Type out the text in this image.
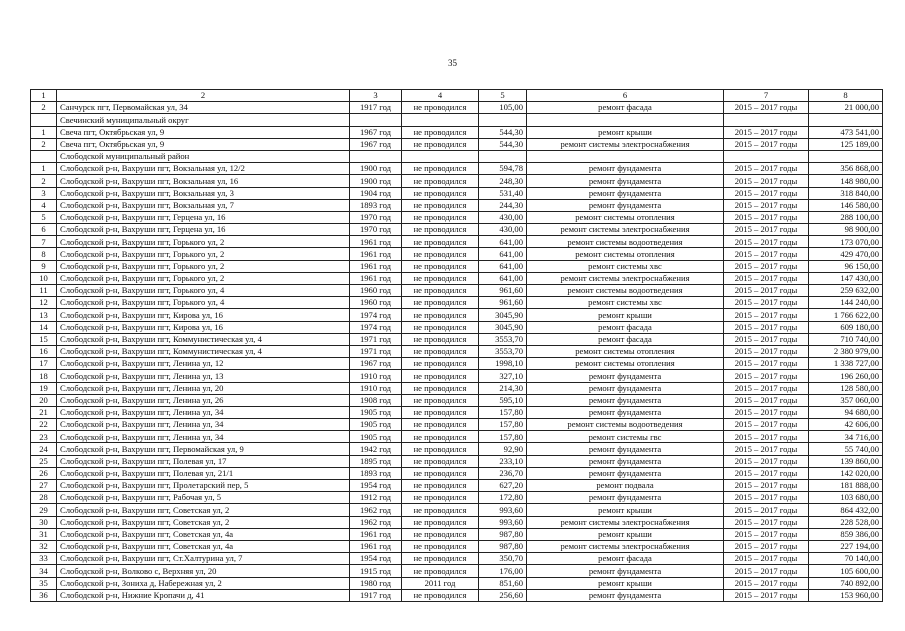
35
1	2	3	4	5	6	7	8
2	Санчурск пгт, Первомайская ул, 34	1917 год	не проводился	105,00	ремонт фасада	2015 – 2017 годы	21 000,00
	Свечинский муниципальный округ						
1	Свеча пгт, Октябрьская ул, 9	1967 год	не проводился	544,30	ремонт крыши	2015 – 2017 годы	473 541,00
2	Свеча пгт, Октябрьская ул, 9	1967 год	не проводился	544,30	ремонт системы электроснабжения	2015 – 2017 годы	125 189,00
	Слободской муниципальный район						
1	Слободской р-н, Вахруши пгт, Вокзальная ул, 12/2	1900 год	не проводился	594,78	ремонт фундамента	2015 – 2017 годы	356 868,00
2	Слободской р-н, Вахруши пгт, Вокзальная ул, 16	1900 год	не проводился	248,30	ремонт фундамента	2015 – 2017 годы	148 980,00
3	Слободской р-н, Вахруши пгт, Вокзальная ул, 3	1904 год	не проводился	531,40	ремонт фундамента	2015 – 2017 годы	318 840,00
4	Слободской р-н, Вахруши пгт, Вокзальная ул, 7	1893 год	не проводился	244,30	ремонт фундамента	2015 – 2017 годы	146 580,00
5	Слободской р-н, Вахруши пгт, Герцена ул, 16	1970 год	не проводился	430,00	ремонт системы отопления	2015 – 2017 годы	288 100,00
6	Слободской р-н, Вахруши пгт, Герцена ул, 16	1970 год	не проводился	430,00	ремонт системы электроснабжения	2015 – 2017 годы	98 900,00
7	Слободской р-н, Вахруши пгт, Горького ул, 2	1961 год	не проводился	641,00	ремонт системы водоотведения	2015 – 2017 годы	173 070,00
8	Слободской р-н, Вахруши пгт, Горького ул, 2	1961 год	не проводился	641,00	ремонт системы отопления	2015 – 2017 годы	429 470,00
9	Слободской р-н, Вахруши пгт, Горького ул, 2	1961 год	не проводился	641,00	ремонт системы хвс	2015 – 2017 годы	96 150,00
10	Слободской р-н, Вахруши пгт, Горького ул, 2	1961 год	не проводился	641,00	ремонт системы электроснабжения	2015 – 2017 годы	147 430,00
11	Слободской р-н, Вахруши пгт, Горького ул, 4	1960 год	не проводился	961,60	ремонт системы водоотведения	2015 – 2017 годы	259 632,00
12	Слободской р-н, Вахруши пгт, Горького ул, 4	1960 год	не проводился	961,60	ремонт системы хвс	2015 – 2017 годы	144 240,00
13	Слободской р-н, Вахруши пгт, Кирова ул, 16	1974 год	не проводился	3045,90	ремонт крыши	2015 – 2017 годы	1 766 622,00
14	Слободской р-н, Вахруши пгт, Кирова ул, 16	1974 год	не проводился	3045,90	ремонт фасада	2015 – 2017 годы	609 180,00
15	Слободской р-н, Вахруши пгт, Коммунистическая ул, 4	1971 год	не проводился	3553,70	ремонт фасада	2015 – 2017 годы	710 740,00
16	Слободской р-н, Вахруши пгт, Коммунистическая ул, 4	1971 год	не проводился	3553,70	ремонт системы отопления	2015 – 2017 годы	2 380 979,00
17	Слободской р-н, Вахруши пгт, Ленина ул, 12	1967 год	не проводился	1998,10	ремонт системы отопления	2015 – 2017 годы	1 338 727,00
18	Слободской р-н, Вахруши пгт, Ленина ул, 13	1910 год	не проводился	327,10	ремонт фундамента	2015 – 2017 годы	196 260,00
19	Слободской р-н, Вахруши пгт, Ленина ул, 20	1910 год	не проводился	214,30	ремонт фундамента	2015 – 2017 годы	128 580,00
20	Слободской р-н, Вахруши пгт, Ленина ул, 26	1908 год	не проводился	595,10	ремонт фундамента	2015 – 2017 годы	357 060,00
21	Слободской р-н, Вахруши пгт, Ленина ул, 34	1905 год	не проводился	157,80	ремонт фундамента	2015 – 2017 годы	94 680,00
22	Слободской р-н, Вахруши пгт, Ленина ул, 34	1905 год	не проводился	157,80	ремонт системы водоотведения	2015 – 2017 годы	42 606,00
23	Слободской р-н, Вахруши пгт, Ленина ул, 34	1905 год	не проводился	157,80	ремонт системы гвс	2015 – 2017 годы	34 716,00
24	Слободской р-н, Вахруши пгт, Первомайская ул, 9	1942 год	не проводился	92,90	ремонт фундамента	2015 – 2017 годы	55 740,00
25	Слободской р-н, Вахруши пгт, Полевая ул, 17	1895 год	не проводился	233,10	ремонт фундамента	2015 – 2017 годы	139 860,00
26	Слободской р-н, Вахруши пгт, Полевая ул, 21/1	1893 год	не проводился	236,70	ремонт фундамента	2015 – 2017 годы	142 020,00
27	Слободской р-н, Вахруши пгт, Пролетарский пер, 5	1954 год	не проводился	627,20	ремонт подвала	2015 – 2017 годы	181 888,00
28	Слободской р-н, Вахруши пгт, Рабочая ул, 5	1912 год	не проводился	172,80	ремонт фундамента	2015 – 2017 годы	103 680,00
29	Слободской р-н, Вахруши пгт, Советская ул, 2	1962 год	не проводился	993,60	ремонт крыши	2015 – 2017 годы	864 432,00
30	Слободской р-н, Вахруши пгт, Советская ул, 2	1962 год	не проводился	993,60	ремонт системы электроснабжения	2015 – 2017 годы	228 528,00
31	Слободской р-н, Вахруши пгт, Советская ул, 4а	1961 год	не проводился	987,80	ремонт крыши	2015 – 2017 годы	859 386,00
32	Слободской р-н, Вахруши пгт, Советская ул, 4а	1961 год	не проводился	987,80	ремонт системы электроснабжения	2015 – 2017 годы	227 194,00
33	Слободской р-н, Вахруши пгт, Ст.Халтурина ул, 7	1954 год	не проводился	350,70	ремонт фасада	2015 – 2017 годы	70 140,00
34	Слободской р-н, Волково с, Верхняя ул, 20	1915 год	не проводился	176,00	ремонт фундамента	2015 – 2017 годы	105 600,00
35	Слободской р-н, Зониха д, Набережная ул, 2	1980 год	2011 год	851,60	ремонт крыши	2015 – 2017 годы	740 892,00
36	Слободской р-н, Нижние Кропачи д, 41	1917 год	не проводился	256,60	ремонт фундамента	2015 – 2017 годы	153 960,00
